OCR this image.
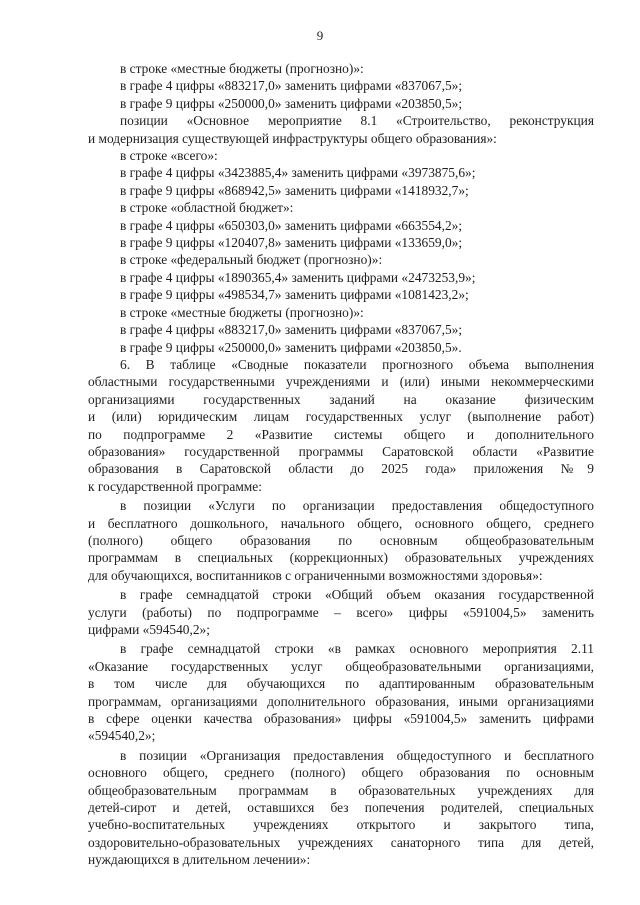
9
в строке «местные бюджеты (прогнозно)»:
в графе 4 цифры «883217,0» заменить цифрами «837067,5»;
в графе 9 цифры «250000,0» заменить цифрами «203850,5»;
позиции «Основное мероприятие 8.1 «Строительство, реконструкция
и модернизация существующей инфраструктуры общего образования»:
в строке «всего»:
в графе 4 цифры «3423885,4» заменить цифрами «3973875,6»;
в графе 9 цифры «868942,5» заменить цифрами «1418932,7»;
в строке «областной бюджет»:
в графе 4 цифры «650303,0» заменить цифрами «663554,2»;
в графе 9 цифры «120407,8» заменить цифрами «133659,0»;
в строке «федеральный бюджет (прогнозно)»:
в графе 4 цифры «1890365,4» заменить цифрами «2473253,9»;
в графе 9 цифры «498534,7» заменить цифрами «1081423,2»;
в строке «местные бюджеты (прогнозно)»:
в графе 4 цифры «883217,0» заменить цифрами «837067,5»;
в графе 9 цифры «250000,0» заменить цифрами «203850,5».
6. В таблице «Сводные показатели прогнозного объема выполнения
областными государственными учреждениями и (или) иными некоммерческими
организациями государственных заданий на оказание физическим
и (или) юридическим лицам государственных услуг (выполнение работ)
по подпрограмме 2 «Развитие системы общего и дополнительного
образования» государственной программы Саратовской области «Развитие
образования в Саратовской области до 2025 года» приложения №9
к государственной программе:
в позиции «Услуги по организации предоставления общедоступного
и бесплатного дошкольного, начального общего, основного общего, среднего
(полного) общего образования по основным общеобразовательным
программам в специальных (коррекционных) образовательных учреждениях
для обучающихся, воспитанников с ограниченными возможностями здоровья»:
в графе семнадцатой строки «Общий объем оказания государственной
услуги (работы) по подпрограмме – всего» цифры «591004,5» заменить
цифрами «594540,2»;
в графе семнадцатой строки «в рамках основного мероприятия 2.11
«Оказание государственных услуг общеобразовательными организациями,
в том числе для обучающихся по адаптированным образовательным
программам, организациями дополнительного образования, иными организациями
в сфере оценки качества образования» цифры «591004,5» заменить цифрами
«594540,2»;
в позиции «Организация предоставления общедоступного и бесплатного
основного общего, среднего (полного) общего образования по основным
общеобразовательным программам в образовательных учреждениях для
детей-сирот и детей, оставшихся без попечения родителей, специальных
учебно-воспитательных учреждениях открытого и закрытого типа,
оздоровительно-образовательных учреждениях санаторного типа для детей,
нуждающихся в длительном лечении»:
